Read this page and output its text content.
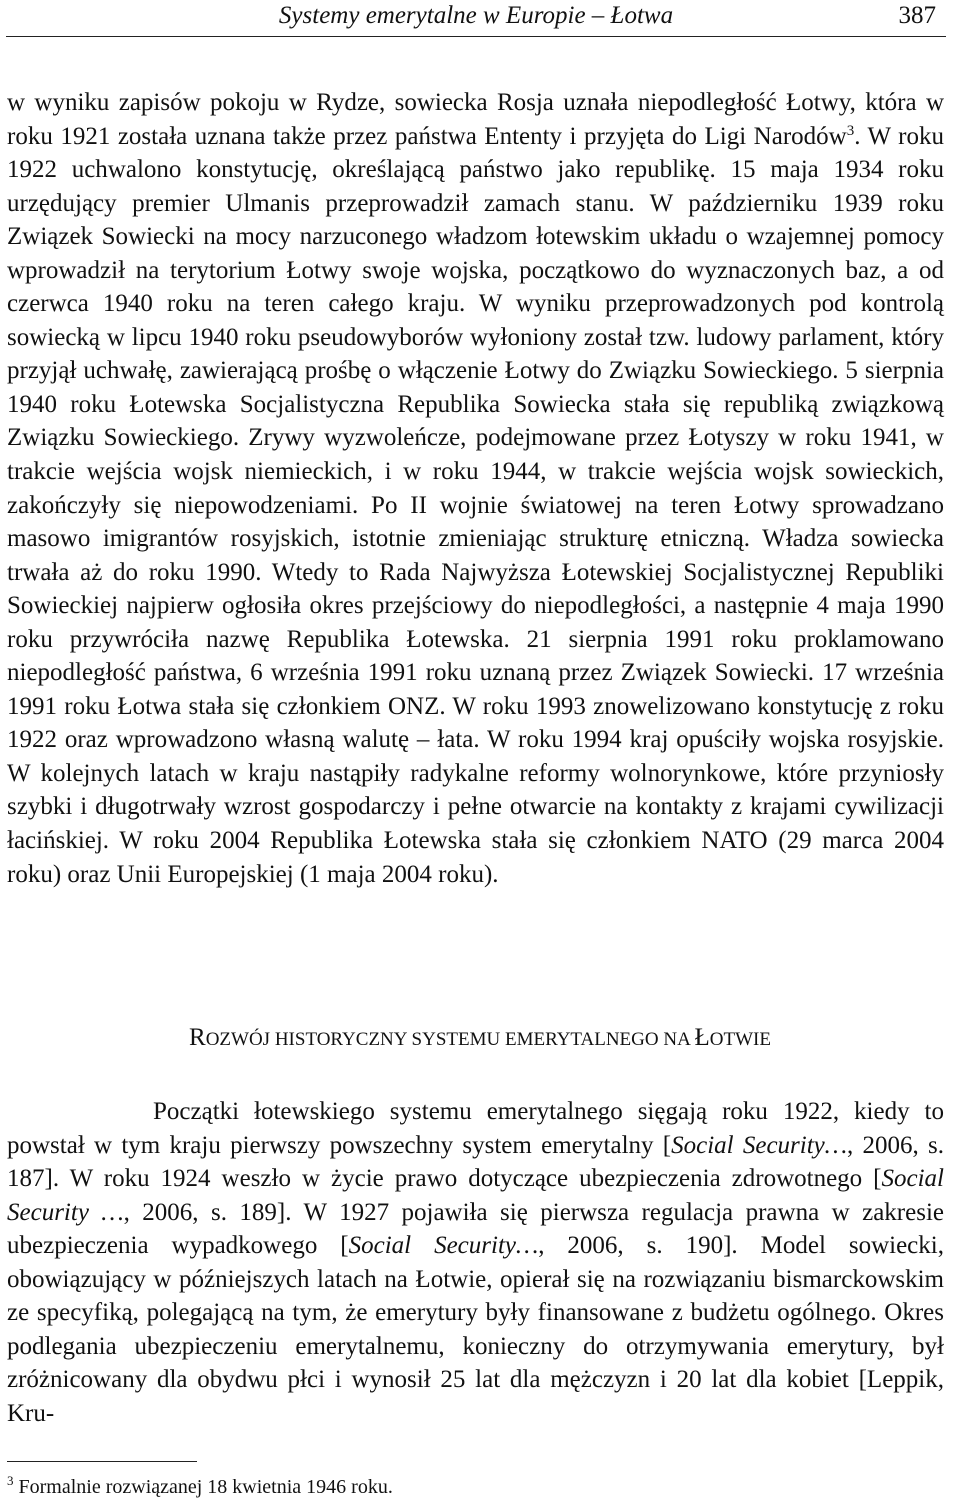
Systemy emerytalne w Europie – Łotwa	387

w wyniku zapisów pokoju w Rydze, sowiecka Rosja uznała niepodległość Łotwy, która w roku 1921 została uznana także przez państwa Ententy i przyjęta do Ligi Narodów$^3$. W roku 1922 uchwalono konstytucję, określającą państwo jako republikę. 15 maja 1934 roku urzędujący premier Ulmanis przeprowadził zamach stanu. W październiku 1939 roku Związek Sowiecki na mocy narzuconego władzom łotewskim układu o wzajemnej pomocy wprowadził na terytorium Łotwy swoje wojska, początkowo do wyznaczonych baz, a od czerwca 1940 roku na teren całego kraju. W wyniku przeprowadzonych pod kontrolą sowiecką w lipcu 1940 roku pseudowyborów wyłoniony został tzw. ludowy parlament, który przyjął uchwałę, zawierającą prośbę o włączenie Łotwy do Związku Sowieckiego. 5 sierpnia 1940 roku Łotewska Socjalistyczna Republika Sowiecka stała się republiką związkową Związku Sowieckiego. Zrywy wyzwoleńcze, podejmowane przez Łotyszy w roku 1941, w trakcie wejścia wojsk niemieckich, i w roku 1944, w trakcie wejścia wojsk sowieckich, zakończyły się niepowodzeniami. Po II wojnie światowej na teren Łotwy sprowadzano masowo imigrantów rosyjskich, istotnie zmieniając strukturę etniczną. Władza sowiecka trwała aż do roku 1990. Wtedy to Rada Najwyższa Łotewskiej Socjalistycznej Republiki Sowieckiej najpierw ogłosiła okres przejściowy do niepodległości, a następnie 4 maja 1990 roku przywróciła nazwę Republika Łotewska. 21 sierpnia 1991 roku proklamowano niepodległość państwa, 6 września 1991 roku uznaną przez Związek Sowiecki. 17 września 1991 roku Łotwa stała się członkiem ONZ. W roku 1993 znowelizowano konstytucję z roku 1922 oraz wprowadzono własną walutę – łata. W roku 1994 kraj opuściły wojska rosyjskie. W kolejnych latach w kraju nastąpiły radykalne reformy wolnorynkowe, które przyniosły szybki i długotrwały wzrost gospodarczy i pełne otwarcie na kontakty z krajami cywilizacji łacińskiej. W roku 2004 Republika Łotewska stała się członkiem NATO (29 marca 2004 roku) oraz Unii Europejskiej (1 maja 2004 roku).

ROZWÓJ HISTORYCZNY SYSTEMU EMERYTALNEGO NA ŁOTWIE

Początki łotewskiego systemu emerytalnego sięgają roku 1922, kiedy to powstał w tym kraju pierwszy powszechny system emerytalny [Social Security…, 2006, s. 187]. W roku 1924 weszło w życie prawo dotyczące ubezpieczenia zdrowotnego [Social Security …, 2006, s. 189]. W 1927 pojawiła się pierwsza regulacja prawna w zakresie ubezpieczenia wypadkowego [Social Security…, 2006, s. 190]. Model sowiecki, obowiązujący w późniejszych latach na Łotwie, opierał się na rozwiązaniu bismarckowskim ze specyfiką, polegającą na tym, że emerytury były finansowane z budżetu ogólnego. Okres podlegania ubezpieczeniu emerytalnemu, konieczny do otrzymywania emerytury, był zróżnicowany dla obydwu płci i wynosił 25 lat dla mężczyzn i 20 lat dla kobiet [Leppik, Kru-

$^3$ Formalnie rozwiązanej 18 kwietnia 1946 roku.
